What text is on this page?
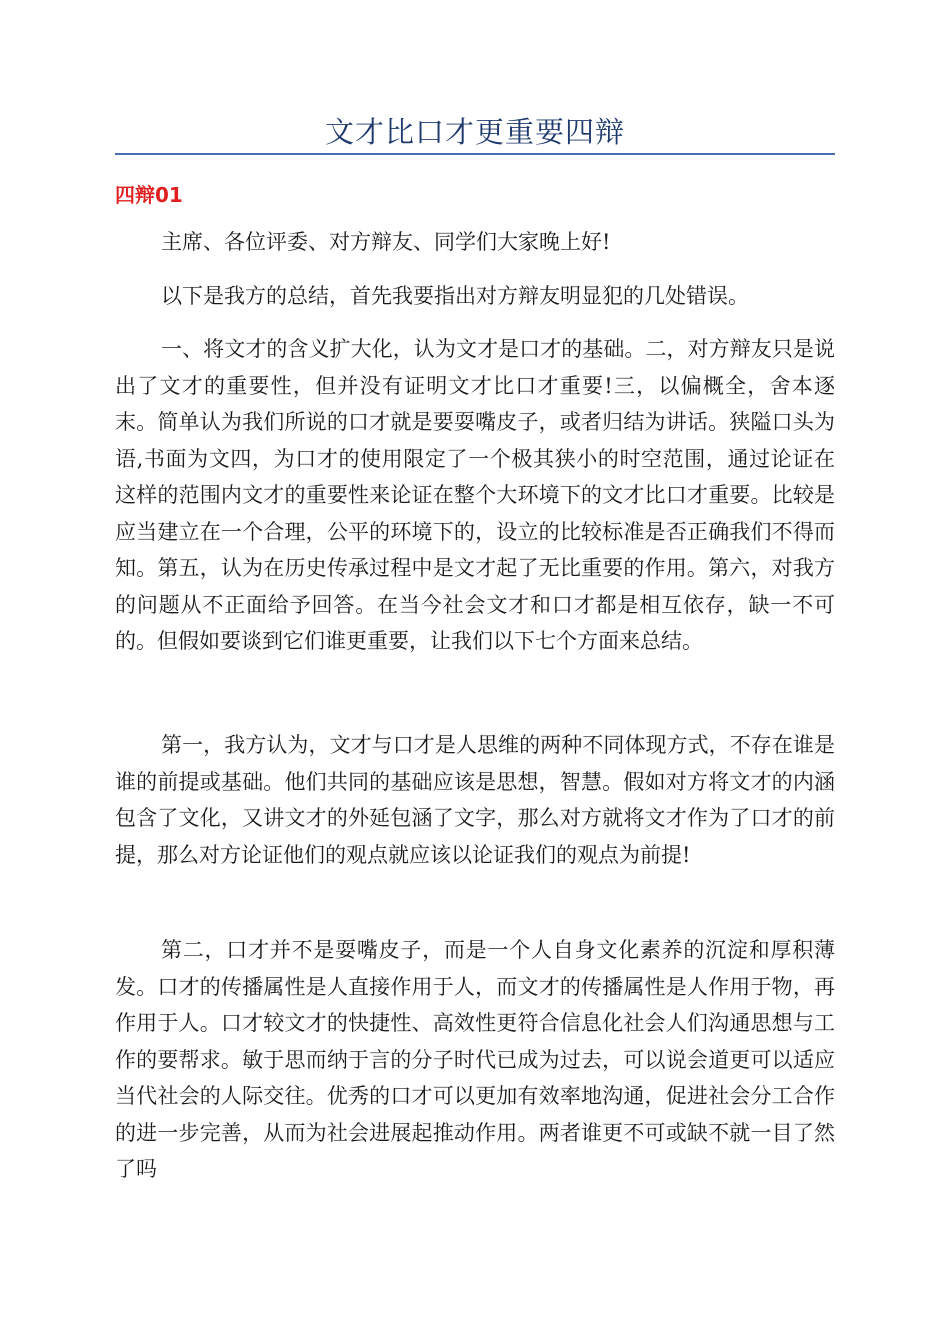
文才比口才更重要四辩
四辩01

主席、各位评委、对方辩友、同学们大家晚上好!

以下是我方的总结，首先我要指出对方辩友明显犯的几处错误。

一、将文才的含义扩大化，认为文才是口才的基础。二，对方辩友只是说出了文才的重要性，但并没有证明文才比口才重要!三，以偏概全，舍本逐末。简单认为我们所说的口才就是要耍嘴皮子，或者归结为讲话。狭隘口头为语,书面为文四，为口才的使用限定了一个极其狭小的时空范围，通过论证在这样的范围内文才的重要性来论证在整个大环境下的文才比口才重要。比较是应当建立在一个合理，公平的环境下的，设立的比较标准是否正确我们不得而知。第五，认为在历史传承过程中是文才起了无比重要的作用。第六，对我方的问题从不正面给予回答。在当今社会文才和口才都是相互依存，缺一不可的。但假如要谈到它们谁更重要，让我们以下七个方面来总结。

第一，我方认为，文才与口才是人思维的两种不同体现方式，不存在谁是谁的前提或基础。他们共同的基础应该是思想，智慧。假如对方将文才的内涵包含了文化，又讲文才的外延包涵了文字，那么对方就将文才作为了口才的前提，那么对方论证他们的观点就应该以论证我们的观点为前提!

第二，口才并不是耍嘴皮子，而是一个人自身文化素养的沉淀和厚积薄发。口才的传播属性是人直接作用于人，而文才的传播属性是人作用于物，再作用于人。口才较文才的快捷性、高效性更符合信息化社会人们沟通思想与工作的要帮求。敏于思而纳于言的分子时代已成为过去，可以说会道更可以适应当代社会的人际交往。优秀的口才可以更加有效率地沟通，促进社会分工合作的进一步完善，从而为社会进展起推动作用。两者谁更不可或缺不就一目了然了吗
